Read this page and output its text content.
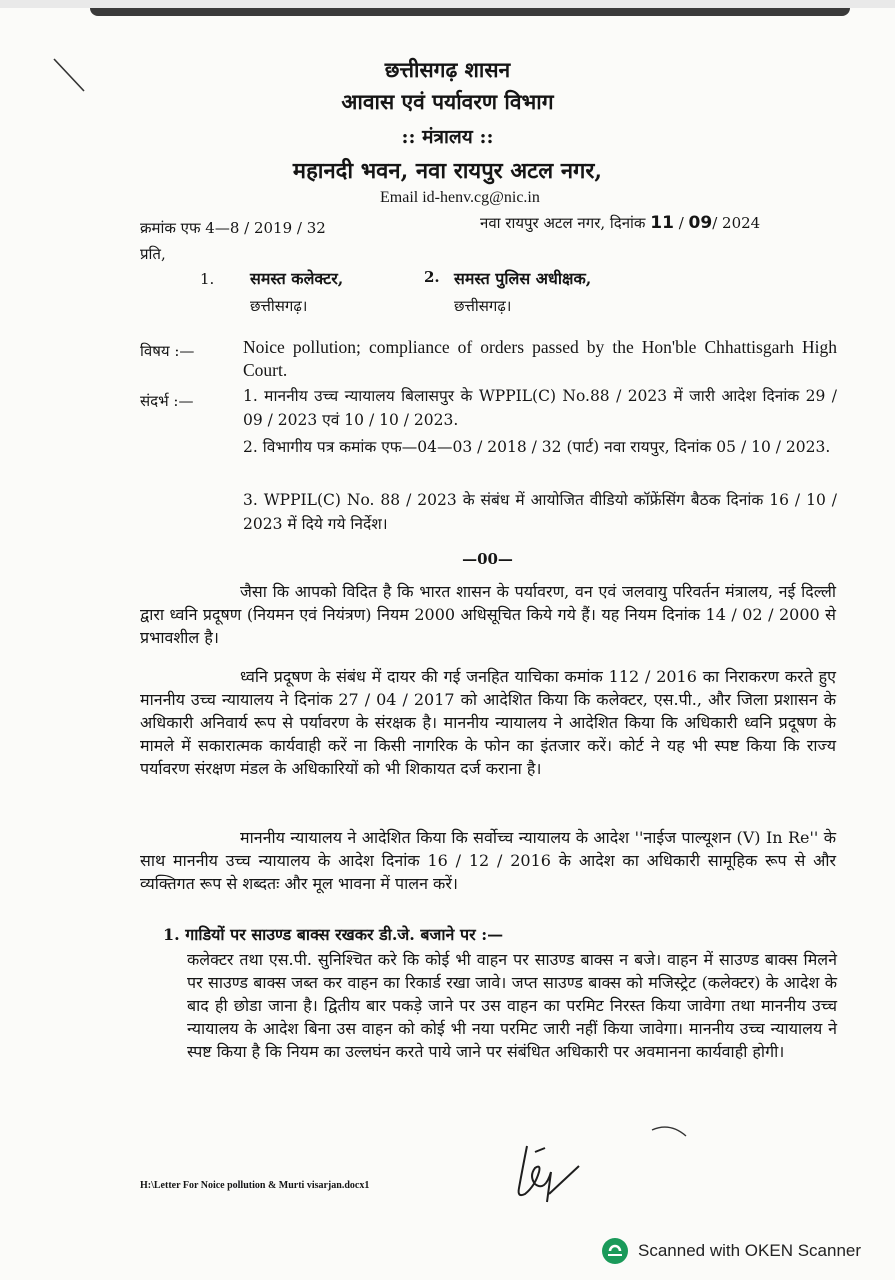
छत्तीसगढ़ शासन
आवास एवं पर्यावरण विभाग
:: मंत्रालय ::
महानदी भवन, नवा रायपुर अटल नगर,
Email id-henv.cg@nic.in
क्रमांक एफ 4—8 / 2019 / 32	नवा रायपुर अटल नगर, दिनांक 11 / 09/ 2024
प्रति,
1. समस्त कलेक्टर,
छत्तीसगढ़।
2. समस्त पुलिस अधीक्षक,
छत्तीसगढ़।
विषय :—	Noice pollution; compliance of orders passed by the Hon'ble Chhattisgarh High Court.
संदर्भ :—	1. माननीय उच्च न्यायालय बिलासपुर के WPPIL(C) No.88 / 2023 में जारी आदेश दिनांक 29 / 09 / 2023 एवं 10 / 10 / 2023.
2. विभागीय पत्र कमांक एफ—04—03 / 2018 / 32 (पार्ट) नवा रायपुर, दिनांक 05 / 10 / 2023.
3. WPPIL(C) No. 88 / 2023 के संबंध में आयोजित वीडियो कॉफ्रेंसिंग बैठक दिनांक 16 / 10 / 2023 में दिये गये निर्देश।
—00—
जैसा कि आपको विदित है कि भारत शासन के पर्यावरण, वन एवं जलवायु परिवर्तन मंत्रालय, नई दिल्ली द्वारा ध्वनि प्रदूषण (नियमन एवं नियंत्रण) नियम 2000 अधिसूचित किये गये हैं। यह नियम दिनांक 14 / 02 / 2000 से प्रभावशील है।
ध्वनि प्रदूषण के संबंध में दायर की गई जनहित याचिका कमांक 112 / 2016 का निराकरण करते हुए माननीय उच्च न्यायालय ने दिनांक 27 / 04 / 2017 को आदेशित किया कि कलेक्टर, एस.पी., और जिला प्रशासन के अधिकारी अनिवार्य रूप से पर्यावरण के संरक्षक है। माननीय न्यायालय ने आदेशित किया कि अधिकारी ध्वनि प्रदूषण के मामले में सकारात्मक कार्यवाही करें ना किसी नागरिक के फोन का इंतजार करें। कोर्ट ने यह भी स्पष्ट किया कि राज्य पर्यावरण संरक्षण मंडल के अधिकारियों को भी शिकायत दर्ज कराना है।
माननीय न्यायालय ने आदेशित किया कि सर्वोच्च न्यायालय के आदेश ''नाईज पाल्यूशन (V) In Re'' के साथ माननीय उच्च न्यायालय के आदेश दिनांक 16 / 12 / 2016 के आदेश का अधिकारी सामूहिक रूप से और व्यक्तिगत रूप से शब्दतः और मूल भावना में पालन करें।
1. गाडियों पर साउण्ड बाक्स रखकर डी.जे. बजाने पर :—
कलेक्टर तथा एस.पी. सुनिश्चित करे कि कोई भी वाहन पर साउण्ड बाक्स न बजे। वाहन में साउण्ड बाक्स मिलने पर साउण्ड बाक्स जब्त कर वाहन का रिकार्ड रखा जावे। जप्त साउण्ड बाक्स को मजिस्ट्रेट (कलेक्टर) के आदेश के बाद ही छोडा जाना है। द्वितीय बार पकड़े जाने पर उस वाहन का परमिट निरस्त किया जावेगा तथा माननीय उच्च न्यायालय के आदेश बिना उस वाहन को कोई भी नया परमिट जारी नहीं किया जावेगा। माननीय उच्च न्यायालय ने स्पष्ट किया है कि नियम का उल्लघंन करते पाये जाने पर संबंधित अधिकारी पर अवमानना कार्यवाही होगी।
H:\Letter For Noice pollution & Murti visarjan.docx1
Scanned with OKEN Scanner
